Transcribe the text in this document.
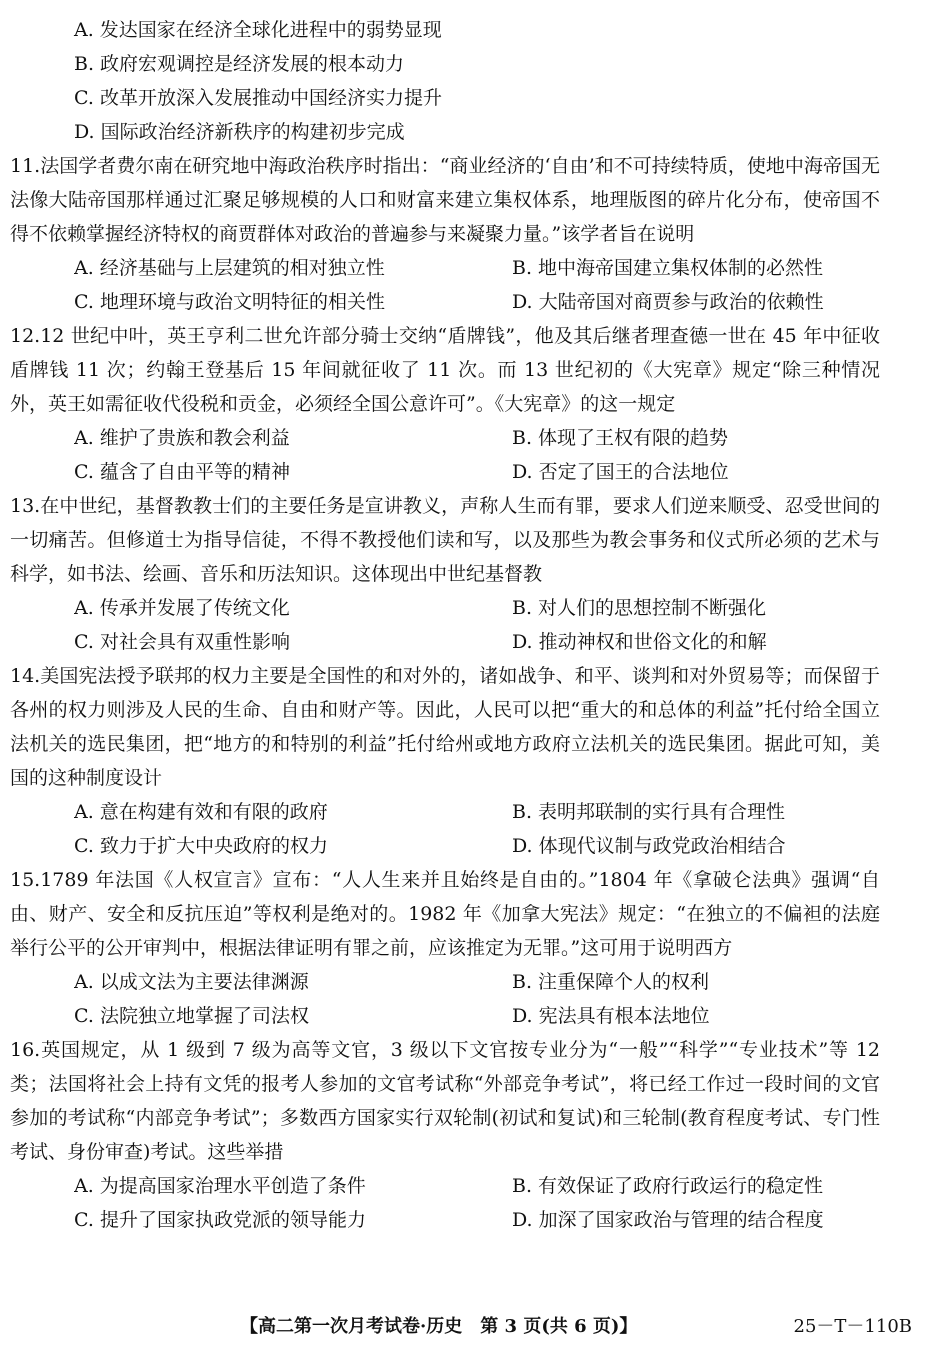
A. 发达国家在经济全球化进程中的弱势显现
B. 政府宏观调控是经济发展的根本动力
C. 改革开放深入发展推动中国经济实力提升
D. 国际政治经济新秩序的构建初步完成
11.法国学者费尔南在研究地中海政治秩序时指出：“商业经济的‘自由’和不可持续特质，使地中海帝国无法像大陆帝国那样通过汇聚足够规模的人口和财富来建立集权体系，地理版图的碎片化分布，使帝国不得不依赖掌握经济特权的商贾群体对政治的普遍参与来凝聚力量。”该学者旨在说明
A. 经济基础与上层建筑的相对独立性	B. 地中海帝国建立集权体制的必然性
C. 地理环境与政治文明特征的相关性	D. 大陆帝国对商贾参与政治的依赖性
12.12 世纪中叶，英王亨利二世允许部分骑士交纳“盾牌钱”，他及其后继者理查德一世在 45 年中征收盾牌钱 11 次；约翰王登基后 15 年间就征收了 11 次。而 13 世纪初的《大宪章》规定“除三种情况外，英王如需征收代役税和贡金，必须经全国公意许可”。《大宪章》的这一规定
A. 维护了贵族和教会利益	B. 体现了王权有限的趋势
C. 蕴含了自由平等的精神	D. 否定了国王的合法地位
13.在中世纪，基督教教士们的主要任务是宣讲教义，声称人生而有罪，要求人们逆来顺受、忍受世间的一切痛苦。但修道士为指导信徒，不得不教授他们读和写，以及那些为教会事务和仪式所必须的艺术与科学，如书法、绘画、音乐和历法知识。这体现出中世纪基督教
A. 传承并发展了传统文化	B. 对人们的思想控制不断强化
C. 对社会具有双重性影响	D. 推动神权和世俗文化的和解
14.美国宪法授予联邦的权力主要是全国性的和对外的，诸如战争、和平、谈判和对外贸易等；而保留于各州的权力则涉及人民的生命、自由和财产等。因此，人民可以把“重大的和总体的利益”托付给全国立法机关的选民集团，把“地方的和特别的利益”托付给州或地方政府立法机关的选民集团。据此可知，美国的这种制度设计
A. 意在构建有效和有限的政府	B. 表明邦联制的实行具有合理性
C. 致力于扩大中央政府的权力	D. 体现代议制与政党政治相结合
15.1789 年法国《人权宣言》宣布：“人人生来并且始终是自由的。”1804 年《拿破仑法典》强调“自由、财产、安全和反抗压迫”等权利是绝对的。1982 年《加拿大宪法》规定：“在独立的不偏袒的法庭举行公平的公开审判中，根据法律证明有罪之前，应该推定为无罪。”这可用于说明西方
A. 以成文法为主要法律渊源	B. 注重保障个人的权利
C. 法院独立地掌握了司法权	D. 宪法具有根本法地位
16.英国规定，从 1 级到 7 级为高等文官，3 级以下文官按专业分为“一般”“科学”“专业技术”等 12 类；法国将社会上持有文凭的报考人参加的文官考试称“外部竞争考试”，将已经工作过一段时间的文官参加的考试称“内部竞争考试”；多数西方国家实行双轮制(初试和复试)和三轮制(教育程度考试、专门性考试、身份审查)考试。这些举措
A. 为提高国家治理水平创造了条件	B. 有效保证了政府行政运行的稳定性
C. 提升了国家执政党派的领导能力	D. 加深了国家政治与管理的结合程度
【高二第一次月考试卷·历史　第 3 页(共 6 页)】	25－T－110B
